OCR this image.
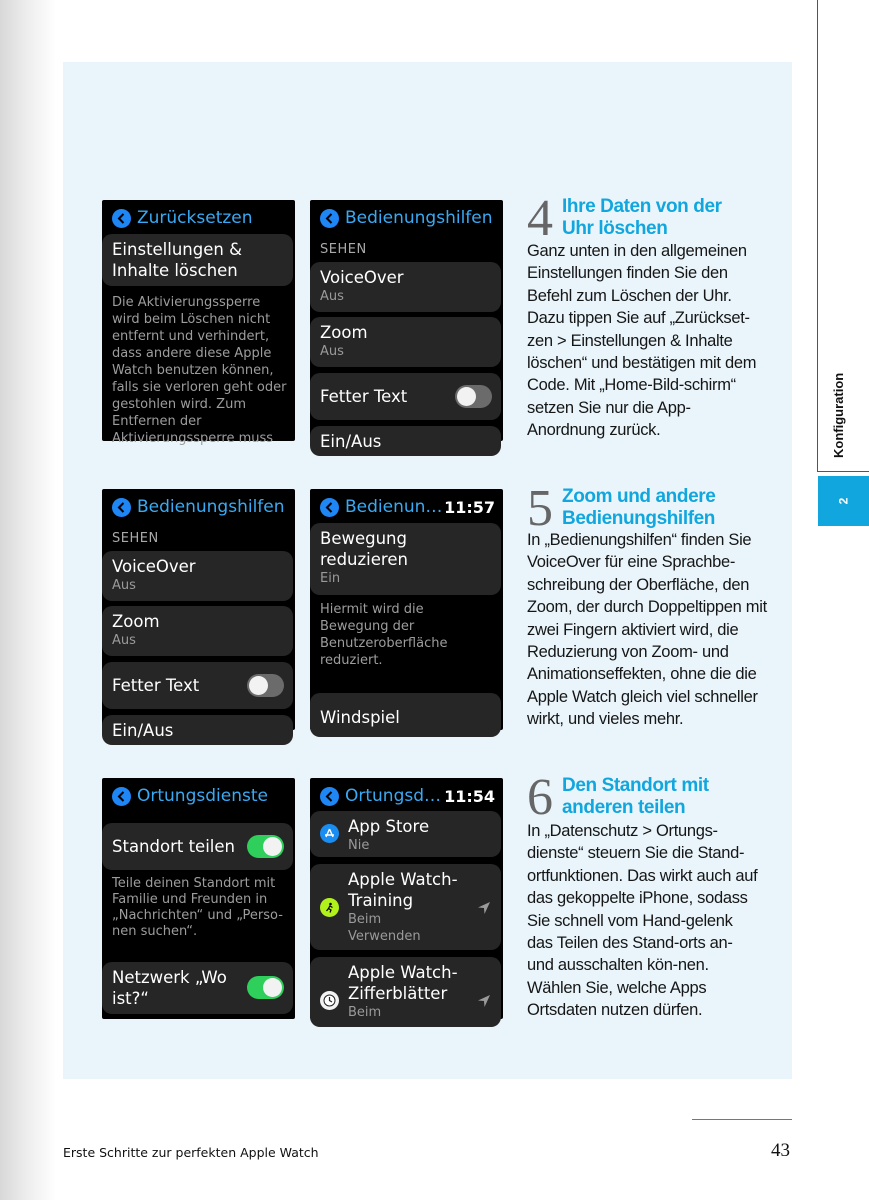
Konfiguration
2
Zurücksetzen
Einstellungen & Inhalte löschen
Die Aktivierungssperre wird beim Löschen nicht entfernt und verhindert, dass andere diese Apple Watch benutzen können, falls sie verloren geht oder gestohlen wird. Zum Entfernen der Aktivierungssperre muss
Bedienungshilfen
SEHEN
VoiceOver
Aus
Zoom
Aus
Fetter Text
Ein/Aus
Bedienungshilfen
SEHEN
VoiceOver
Aus
Zoom
Aus
Fetter Text
Ein/Aus
Bedienun… 11:57
Bewegung reduzieren
Ein
Hiermit wird die Bewegung der Benutzeroberfläche reduziert.
Windspiel
Ortungsdienste
Standort teilen
Teile deinen Standort mit Familie und Freunden in „Nachrichten“ und „Perso-nen suchen“.
Netzwerk „Wo ist?“
Ortungsd… 11:54
App Store
Nie
Apple Watch-Training
Beim Verwenden
Apple Watch-Zifferblätter
Beim
4 Ihre Daten von der Uhr löschen
Ganz unten in den allgemeinen Einstellungen finden Sie den Befehl zum Löschen der Uhr. Dazu tippen Sie auf „Zurückset-zen > Einstellungen & Inhalte löschen“ und bestätigen mit dem Code. Mit „Home-Bild-schirm“ setzen Sie nur die App-Anordnung zurück.
5 Zoom und andere Bedienungshilfen
In „Bedienungshilfen“ finden Sie VoiceOver für eine Sprachbe-schreibung der Oberfläche, den Zoom, der durch Doppeltippen mit zwei Fingern aktiviert wird, die Reduzierung von Zoom- und Animationseffekten, ohne die die Apple Watch gleich viel schneller wirkt, und vieles mehr.
6 Den Standort mit anderen teilen
In „Datenschutz > Ortungs-dienste“ steuern Sie die Stand-ortfunktionen. Das wirkt auch auf das gekoppelte iPhone, sodass Sie schnell vom Hand-gelenk das Teilen des Stand-orts an- und ausschalten kön-nen. Wählen Sie, welche Apps Ortsdaten nutzen dürfen.
Erste Schritte zur perfekten Apple Watch	43
